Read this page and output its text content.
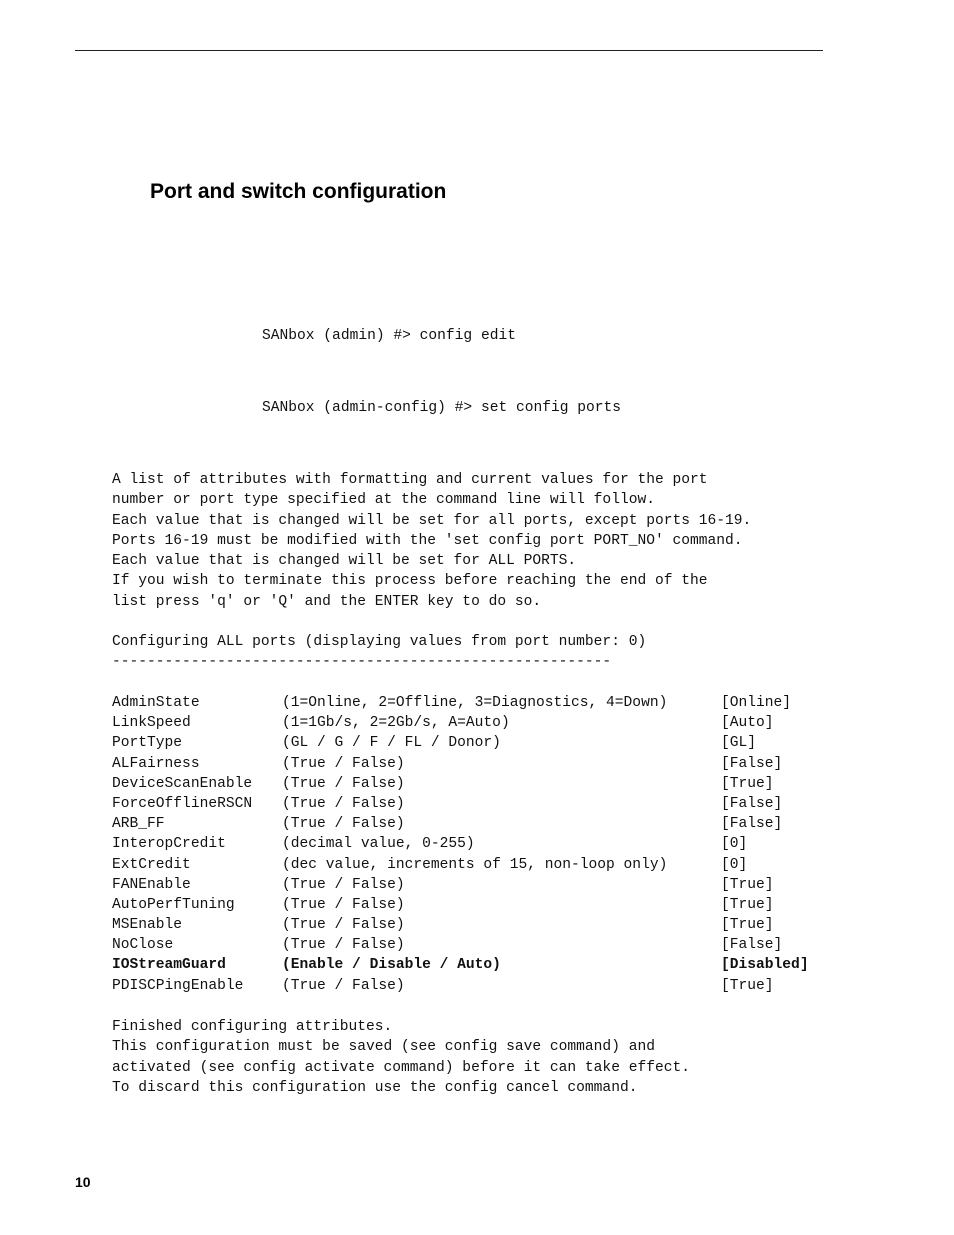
Port and switch configuration
SANbox (admin) #> config edit
SANbox (admin-config) #> set config ports
A list of attributes with formatting and current values for the port
number or port type specified at the command line will follow.
Each value that is changed will be set for all ports, except ports 16-19.
Ports 16-19 must be modified with the 'set config port PORT_NO' command.
Each value that is changed will be set for ALL PORTS.
If you wish to terminate this process before reaching the end of the
list press 'q' or 'Q' and the ENTER key to do so.
Configuring ALL ports (displaying values from port number: 0)
---------------------------------------------------------
AdminState	(1=Online, 2=Offline, 3=Diagnostics, 4=Down)	[Online]
LinkSpeed	(1=1Gb/s, 2=2Gb/s, A=Auto)	[Auto]
PortType	(GL / G / F / FL / Donor)	[GL]
ALFairness	(True / False)	[False]
DeviceScanEnable (True / False)	[True]
ForceOfflineRSCN (True / False)	[False]
ARB_FF	(True / False)	[False]
InteropCredit	(decimal value, 0-255)	[0]
ExtCredit	(dec value, increments of 15, non-loop only)	[0]
FANEnable	(True / False)	[True]
AutoPerfTuning	(True / False)	[True]
MSEnable	(True / False)	[True]
NoClose	(True / False)	[False]
IOStreamGuard	(Enable / Disable / Auto)	[Disabled]
PDISCPingEnable	(True / False)	[True]
Finished configuring attributes.
This configuration must be saved (see config save command) and
activated (see config activate command) before it can take effect.
To discard this configuration use the config cancel command.
10
